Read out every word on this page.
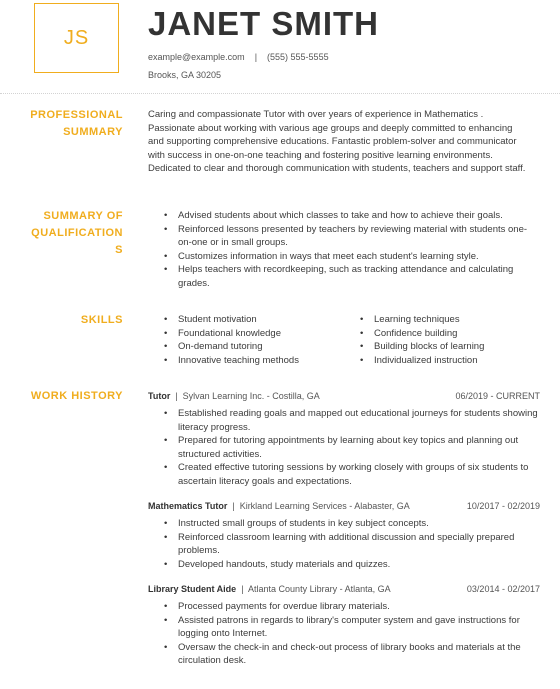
JS JANET SMITH
example@example.com | (555) 555-5555
Brooks, GA 30205
PROFESSIONAL
SUMMARY

Caring and compassionate Tutor with over years of experience in Mathematics . Passionate about working with various age groups and deeply committed to enhancing and supporting comprehensive educations. Fantastic problem-solver and communicator with success in one-on-one teaching and fostering positive learning environments. Dedicated to clear and thorough communication with students, teachers and support staff.

SUMMARY OF
QUALIFICATION
S
• Advised students about which classes to take and how to achieve their goals.
• Reinforced lessons presented by teachers by reviewing material with students one-on-one or in small groups.
• Customizes information in ways that meet each student's learning style.
• Helps teachers with recordkeeping, such as tracking attendance and calculating grades.
SKILLS
•	Student motivation
• Foundational knowledge
• On-demand tutoring
• Innovative teaching methods
• Learning techniques
• Confidence building
• Building blocks of learning
• Individualized instruction
WORK HISTORY	Tutor  |  Sylvan Learning Inc. - Costilla, GA	06/2019 - CURRENT
• Established reading goals and mapped out educational journeys for students showing literacy progress.
• Prepared for tutoring appointments by learning about key topics and planning out structured activities.
• Created effective tutoring sessions by working closely with groups of six students to ascertain literacy goals and expectations.
Mathematics Tutor  |  Kirkland Learning Services - Alabaster, GA	10/2017 - 02/2019
• Instructed small groups of students in key subject concepts.
• Reinforced classroom learning with additional discussion and specially prepared problems.
• Developed handouts, study materials and quizzes.
Library Student Aide  |  Atlanta County Library - Atlanta, GA	03/2014 - 02/2017
• Processed payments for overdue library materials.
• Assisted patrons in regards to library's computer system and gave instructions for logging onto Internet.
• Oversaw the check-in and check-out process of library books and materials at the circulation desk.
